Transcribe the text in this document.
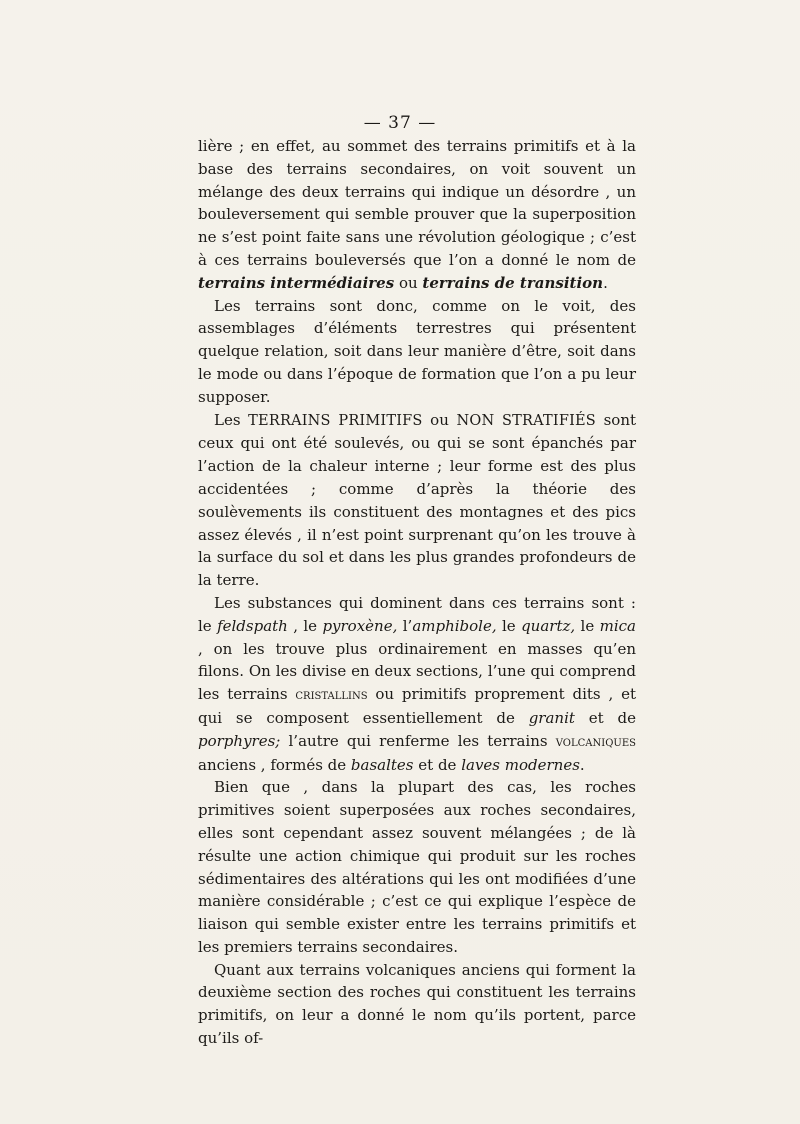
— 37 —

lière ; en effet, au sommet des terrains primitifs et à la base des terrains secondaires, on voit souvent un mélange des deux terrains qui indique un désordre , un bouleversement qui semble prouver que la superposition ne s’est point faite sans une révolution géologique ; c’est à ces terrains bouleversés que l’on a donné le nom de terrains intermédiaires ou terrains de transition.

Les terrains sont donc, comme on le voit, des assemblages d’éléments terrestres qui présentent quelque relation, soit dans leur manière d’être, soit dans le mode ou dans l’époque de formation que l’on a pu leur supposer.

Les TERRAINS PRIMITIFS ou NON STRATIFIÉS sont ceux qui ont été soulevés, ou qui se sont épanchés par l’action de la chaleur interne ; leur forme est des plus accidentées ; comme d’après la théorie des soulèvements ils constituent des montagnes et des pics assez élevés , il n’est point surprenant qu’on les trouve à la surface du sol et dans les plus grandes profondeurs de la terre.

Les substances qui dominent dans ces terrains sont : le feldspath , le pyroxène, l’amphibole, le quartz, le mica , on les trouve plus ordinairement en masses qu’en filons. On les divise en deux sections, l’une qui comprend les terrains cristallins ou primitifs proprement dits , et qui se composent essentiellement de granit et de porphyres; l’autre qui renferme les terrains volcaniques anciens , formés de basaltes et de laves modernes.

Bien que , dans la plupart des cas, les roches primitives soient superposées aux roches secondaires, elles sont cependant assez souvent mélangées ; de là résulte une action chimique qui produit sur les roches sédimentaires des altérations qui les ont modifiées d’une manière considérable ; c’est ce qui explique l’espèce de liaison qui semble exister entre les terrains primitifs et les premiers terrains secondaires.

Quant aux terrains volcaniques anciens qui forment la deuxième section des roches qui constituent les terrains primitifs, on leur a donné le nom qu’ils portent, parce qu’ils of-
